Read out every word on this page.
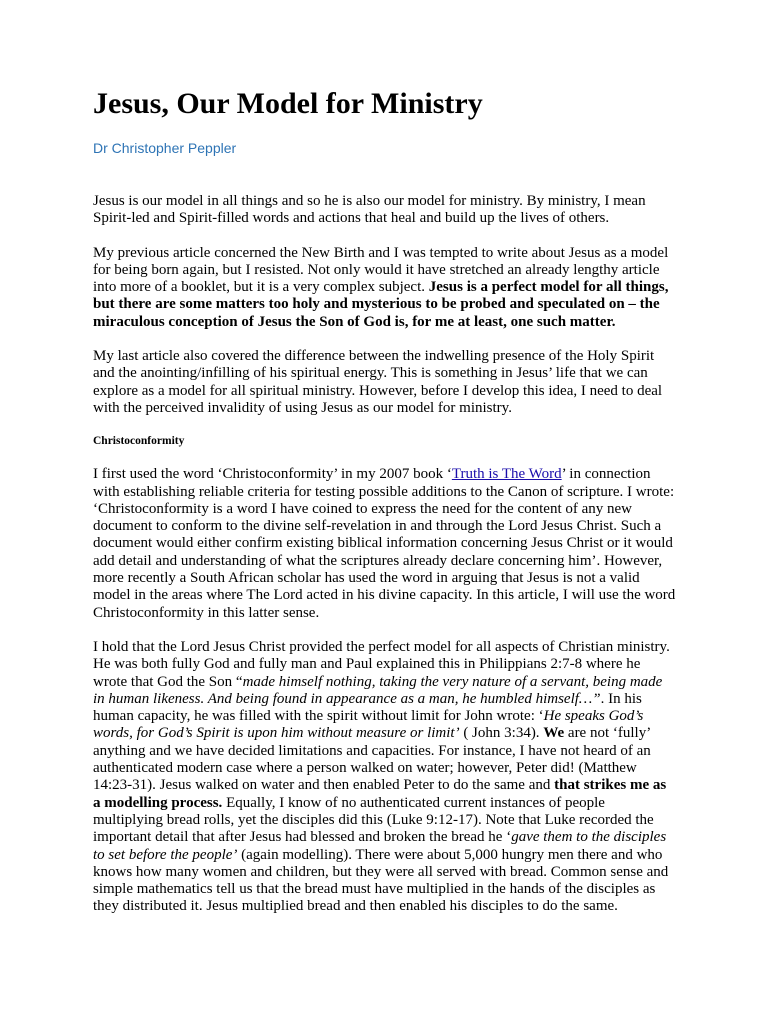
Jesus, Our Model for Ministry
Dr Christopher Peppler

Jesus is our model in all things and so he is also our model for ministry. By ministry, I mean Spirit-led and Spirit-filled words and actions that heal and build up the lives of others.

My previous article concerned the New Birth and I was tempted to write about Jesus as a model for being born again, but I resisted. Not only would it have stretched an already lengthy article into more of a booklet, but it is a very complex subject. Jesus is a perfect model for all things, but there are some matters too holy and mysterious to be probed and speculated on – the miraculous conception of Jesus the Son of God is, for me at least, one such matter.

My last article also covered the difference between the indwelling presence of the Holy Spirit and the anointing/infilling of his spiritual energy. This is something in Jesus’ life that we can explore as a model for all spiritual ministry. However, before I develop this idea, I need to deal with the perceived invalidity of using Jesus as our model for ministry.

Christoconformity

I first used the word ‘Christoconformity’ in my 2007 book ‘Truth is The Word’ in connection with establishing reliable criteria for testing possible additions to the Canon of scripture. I wrote: ‘Christoconformity is a word I have coined to express the need for the content of any new document to conform to the divine self-revelation in and through the Lord Jesus Christ. Such a document would either confirm existing biblical information concerning Jesus Christ or it would add detail and understanding of what the scriptures already declare concerning him’. However, more recently a South African scholar has used the word in arguing that Jesus is not a valid model in the areas where The Lord acted in his divine capacity. In this article, I will use the word Christoconformity in this latter sense.

I hold that the Lord Jesus Christ provided the perfect model for all aspects of Christian ministry. He was both fully God and fully man and Paul explained this in Philippians 2:7-8 where he wrote that God the Son “made himself nothing, taking the very nature of a servant, being made in human likeness. And being found in appearance as a man, he humbled himself…”. In his human capacity, he was filled with the spirit without limit for John wrote: ‘He speaks God’s words, for God’s Spirit is upon him without measure or limit’ ( John 3:34). We are not ‘fully’ anything and we have decided limitations and capacities. For instance, I have not heard of an authenticated modern case where a person walked on water; however, Peter did! (Matthew 14:23-31). Jesus walked on water and then enabled Peter to do the same and that strikes me as a modelling process. Equally, I know of no authenticated current instances of people multiplying bread rolls, yet the disciples did this (Luke 9:12-17). Note that Luke recorded the important detail that after Jesus had blessed and broken the bread he ‘gave them to the disciples to set before the people’ (again modelling). There were about 5,000 hungry men there and who knows how many women and children, but they were all served with bread. Common sense and simple mathematics tell us that the bread must have multiplied in the hands of the disciples as they distributed it. Jesus multiplied bread and then enabled his disciples to do the same.
